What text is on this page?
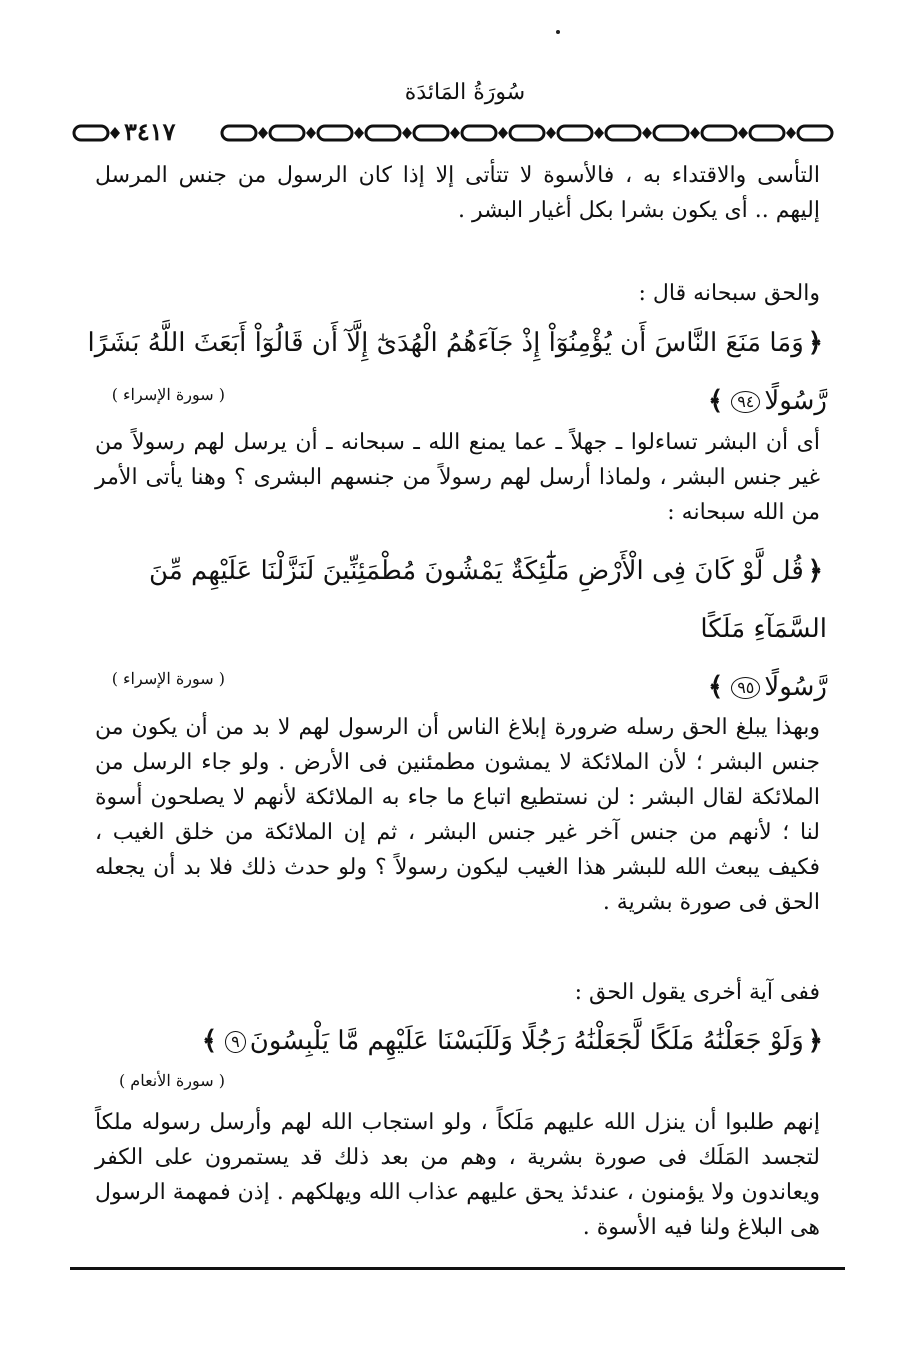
سُورَةُ المَائدَة
٣٤١٧

التأسى والاقتداء به ، فالأسوة لا تتأتى إلا إذا كان الرسول من جنس المرسل إليهم .. أى يكون بشرا بكل أغيار البشر .

والحق سبحانه قال :

﴿وَمَا مَنَعَ النَّاسَ أَن يُؤْمِنُوٓاْ إِذْ جَآءَهُمُ الْهُدَىٰٓ إِلَّآ أَن قَالُوٓاْ أَبَعَثَ اللَّهُ بَشَرًا رَّسُولًا٩٤﴾

( سورة الإسراء )

أى أن البشر تساءلوا ـ جهلاً ـ عما يمنع الله ـ سبحانه ـ أن يرسل لهم رسولاً من غير جنس البشر ، ولماذا أرسل لهم رسولاً من جنسهم البشرى ؟ وهنا يأتى الأمر من الله سبحانه :

﴿قُل لَّوْ كَانَ فِى الْأَرْضِ مَلَٰٓئِكَةٌ يَمْشُونَ مُطْمَئِنِّينَ لَنَزَّلْنَا عَلَيْهِم مِّنَ السَّمَآءِ مَلَكًا
رَّسُولًا٩٥﴾

( سورة الإسراء )

وبهذا يبلغ الحق رسله ضرورة إبلاغ الناس أن الرسول لهم لا بد من أن يكون من جنس البشر ؛ لأن الملائكة لا يمشون مطمئنين فى الأرض . ولو جاء الرسل من الملائكة لقال البشر : لن نستطيع اتباع ما جاء به الملائكة لأنهم لا يصلحون أسوة لنا ؛ لأنهم من جنس آخر غير جنس البشر ، ثم إن الملائكة من خلق الغيب ، فكيف يبعث الله للبشر هذا الغيب ليكون رسولاً ؟ ولو حدث ذلك فلا بد أن يجعله الحق فى صورة بشرية .

ففى آية أخرى يقول الحق :

﴿وَلَوْ جَعَلْنَٰهُ مَلَكًا لَّجَعَلْنَٰهُ رَجُلًا وَلَلَبَسْنَا عَلَيْهِم مَّا يَلْبِسُونَ٩﴾

( سورة الأنعام )

إنهم طلبوا أن ينزل الله عليهم مَلَكاً ، ولو استجاب الله لهم وأرسل رسوله ملكاً لتجسد المَلَك فى صورة بشرية ، وهم من بعد ذلك قد يستمرون على الكفر ويعاندون ولا يؤمنون ، عندئذ يحق عليهم عذاب الله ويهلكهم . إذن فمهمة الرسول هى البلاغ ولنا فيه الأسوة .
